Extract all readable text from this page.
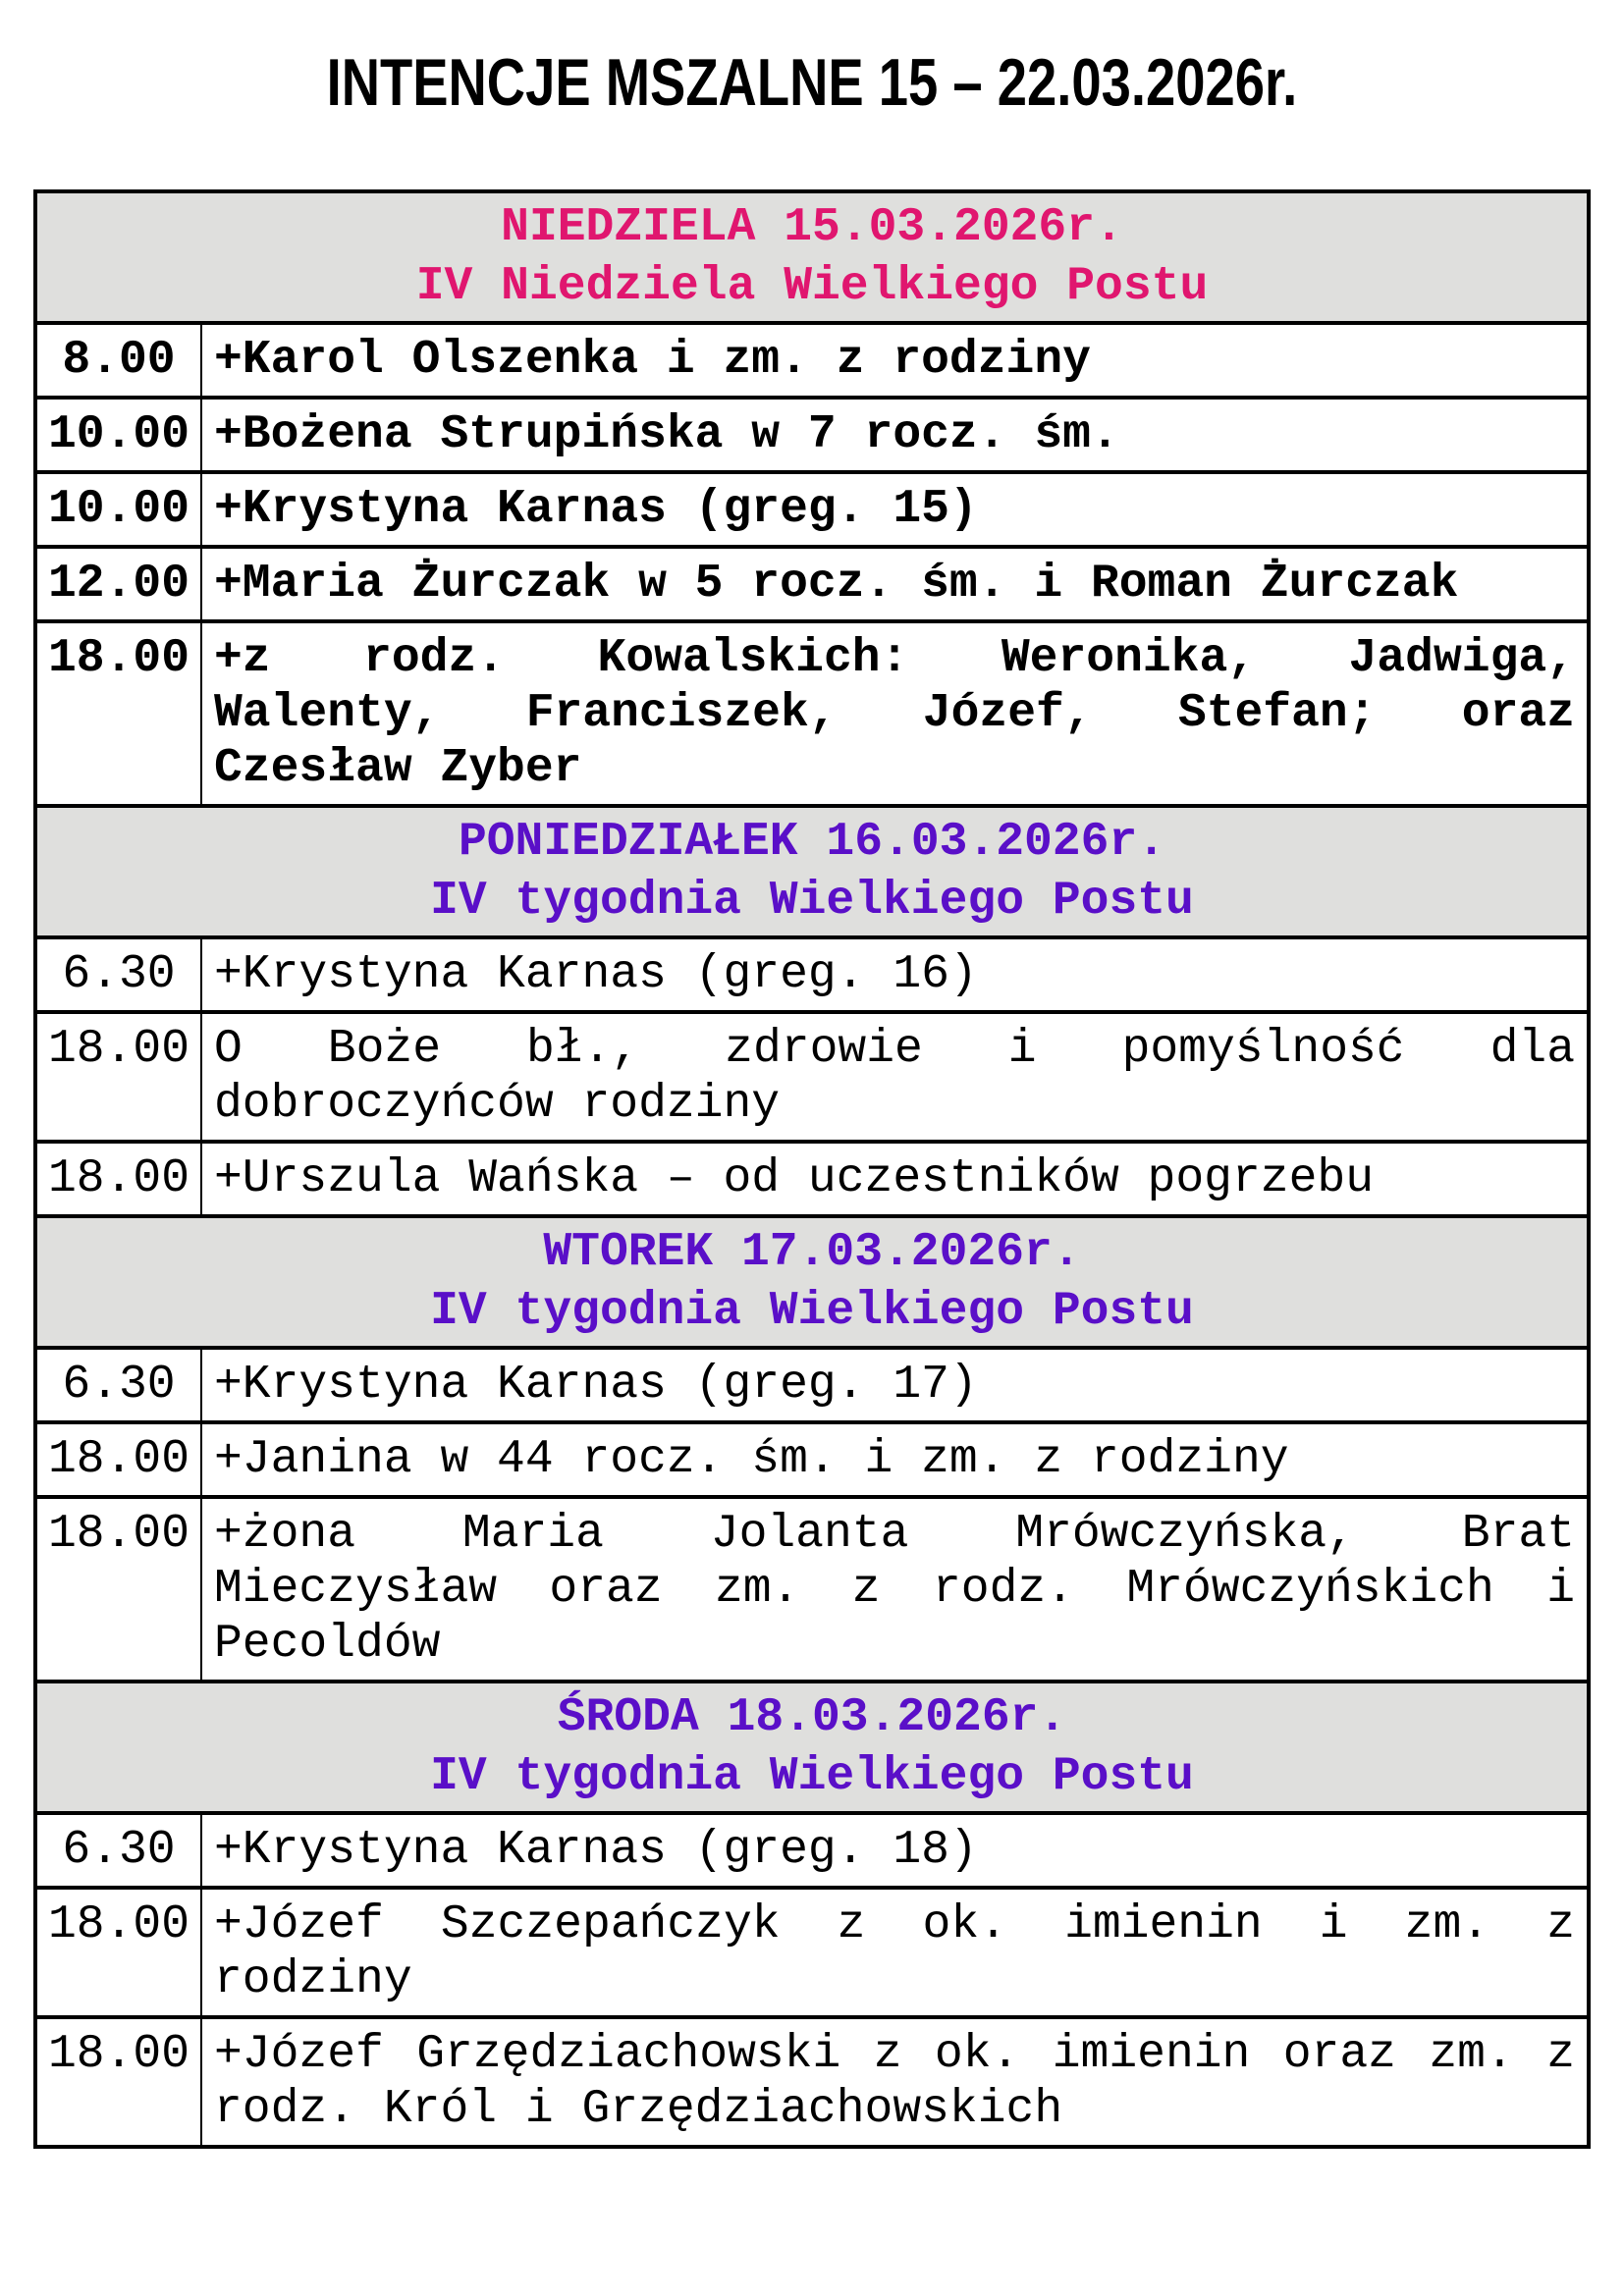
INTENCJE MSZALNE 15 – 22.03.2026r.
NIEDZIELA 15.03.2026r.
IV Niedziela Wielkiego Postu
8.00 +Karol Olszenka i zm. z rodziny
10.00 +Bożena Strupińska w 7 rocz. śm.
10.00 +Krystyna Karnas (greg. 15)
12.00 +Maria Żurczak w 5 rocz. śm. i Roman Żurczak
18.00 +z rodz. Kowalskich: Weronika, Jadwiga,
Walenty, Franciszek, Józef, Stefan; oraz
Czesław Zyber
PONIEDZIAŁEK 16.03.2026r.
IV tygodnia Wielkiego Postu
6.30 +Krystyna Karnas (greg. 16)
18.00 O Boże bł., zdrowie i pomyślność dla
dobroczyńców rodziny
18.00 +Urszula Wańska – od uczestników pogrzebu
WTOREK 17.03.2026r.
IV tygodnia Wielkiego Postu
6.30 +Krystyna Karnas (greg. 17)
18.00 +Janina w 44 rocz. śm. i zm. z rodziny
18.00 +żona Maria Jolanta Mrówczyńska, Brat
Mieczysław oraz zm. z rodz. Mrówczyńskich i
Pecoldów
ŚRODA 18.03.2026r.
IV tygodnia Wielkiego Postu
6.30 +Krystyna Karnas (greg. 18)
18.00 +Józef Szczepańczyk z ok. imienin i zm. z
rodziny
18.00 +Józef Grzędziachowski z ok. imienin oraz zm. z
rodz. Król i Grzędziachowskich
